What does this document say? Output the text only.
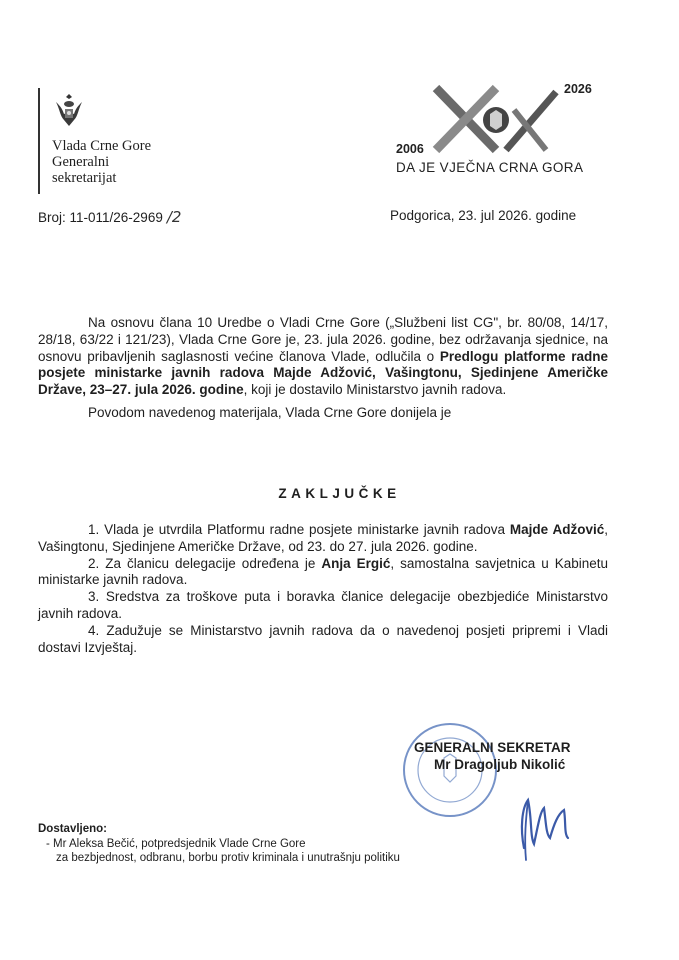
Vlada Crne Gore
Generalni
sekretarijat
2026
2006
DA JE VJEČNA CRNA GORA
Broj: 11-011/26-2969 /2	Podgorica, 23. jul 2026. godine

Na osnovu člana 10 Uredbe o Vladi Crne Gore („Službeni list CG", br. 80/08, 14/17, 28/18, 63/22 i 121/23), Vlada Crne Gore je, 23. jula 2026. godine, bez održavanja sjednice, na osnovu pribavljenih saglasnosti većine članova Vlade, odlučila o Predlogu platforme radne posjete ministarke javnih radova Majde Adžović, Vašingtonu, Sjedinjene Američke Države, 23–27. jula 2026. godine, koji je dostavilo Ministarstvo javnih radova.

Povodom navedenog materijala, Vlada Crne Gore donijela je

ZAKLJUČKE

1. Vlada je utvrdila Platformu radne posjete ministarke javnih radova Majde Adžović, Vašingtonu, Sjedinjene Američke Države, od 23. do 27. jula 2026. godine.

2. Za članicu delegacije određena je Anja Ergić, samostalna savjetnica u Kabinetu ministarke javnih radova.

3. Sredstva za troškove puta i boravka članice delegacije obezbjediće Ministarstvo javnih radova.

4. Zadužuje se Ministarstvo javnih radova da o navedenoj posjeti pripremi i Vladi dostavi Izvještaj.

GENERALNI SEKRETAR
Mr Dragoljub Nikolić
Dostavljeno:
- Mr Aleksa Bečić, potpredsjednik Vlade Crne Gore
za bezbjednost, odbranu, borbu protiv kriminala i unutrašnju politiku
